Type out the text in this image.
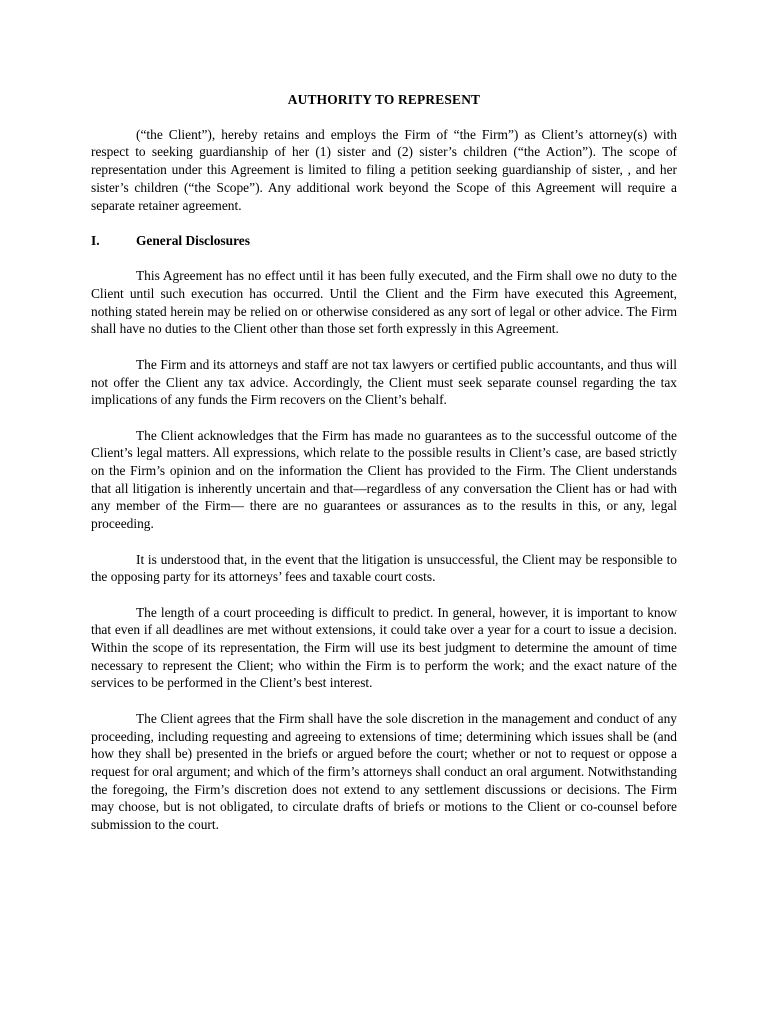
AUTHORITY TO REPRESENT

(“the Client”), hereby retains and employs the Firm of “the Firm”) as Client’s attorney(s) with respect to seeking guardianship of her (1) sister and (2) sister’s children (“the Action”). The scope of representation under this Agreement is limited to filing a petition seeking guardianship of sister, , and her sister’s children (“the Scope”). Any additional work beyond the Scope of this Agreement will require a separate retainer agreement.

I.	General Disclosures

This Agreement has no effect until it has been fully executed, and the Firm shall owe no duty to the Client until such execution has occurred. Until the Client and the Firm have executed this Agreement, nothing stated herein may be relied on or otherwise considered as any sort of legal or other advice. The Firm shall have no duties to the Client other than those set forth expressly in this Agreement.

The Firm and its attorneys and staff are not tax lawyers or certified public accountants, and thus will not offer the Client any tax advice. Accordingly, the Client must seek separate counsel regarding the tax implications of any funds the Firm recovers on the Client’s behalf.

The Client acknowledges that the Firm has made no guarantees as to the successful outcome of the Client’s legal matters. All expressions, which relate to the possible results in Client’s case, are based strictly on the Firm’s opinion and on the information the Client has provided to the Firm. The Client understands that all litigation is inherently uncertain and that—regardless of any conversation the Client has or had with any member of the Firm— there are no guarantees or assurances as to the results in this, or any, legal proceeding.

It is understood that, in the event that the litigation is unsuccessful, the Client may be responsible to the opposing party for its attorneys’ fees and taxable court costs.

The length of a court proceeding is difficult to predict. In general, however, it is important to know that even if all deadlines are met without extensions, it could take over a year for a court to issue a decision. Within the scope of its representation, the Firm will use its best judgment to determine the amount of time necessary to represent the Client; who within the Firm is to perform the work; and the exact nature of the services to be performed in the Client’s best interest.

The Client agrees that the Firm shall have the sole discretion in the management and conduct of any proceeding, including requesting and agreeing to extensions of time; determining which issues shall be (and how they shall be) presented in the briefs or argued before the court; whether or not to request or oppose a request for oral argument; and which of the firm’s attorneys shall conduct an oral argument. Notwithstanding the foregoing, the Firm’s discretion does not extend to any settlement discussions or decisions. The Firm may choose, but is not obligated, to circulate drafts of briefs or motions to the Client or co-counsel before submission to the court.
